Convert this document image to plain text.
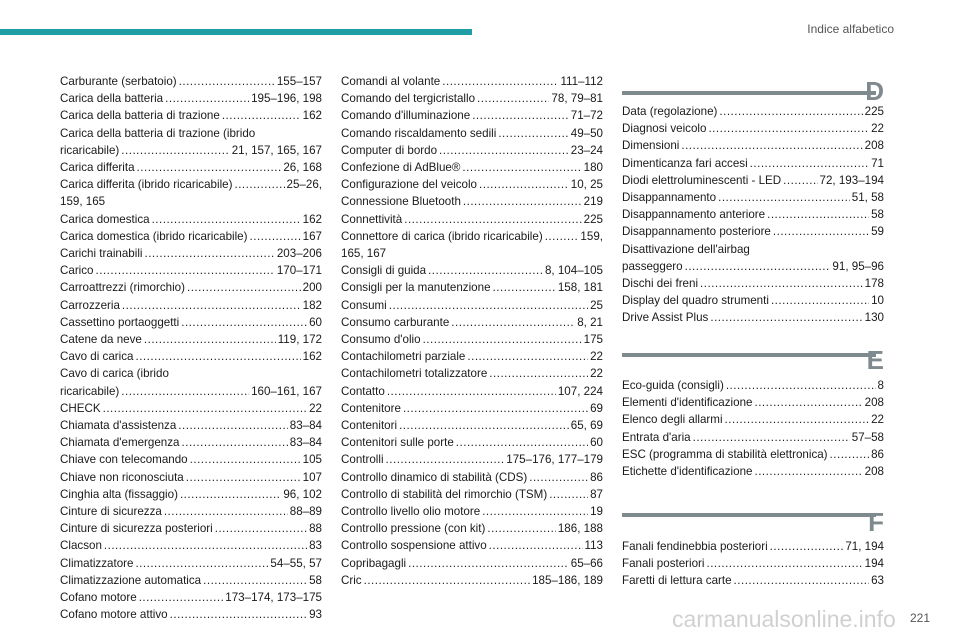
Indice alfabetico
Carburante (serbatoio) .....	155–157
Carica della batteria .....	195–196, 198
Carica della batteria di trazione .....	162
Carica della batteria di trazione (ibrido
ricaricabile) .....	21, 157, 165, 167
Carica differita .....	26, 168
Carica differita (ibrido ricaricabile) .....	25–26,
159, 165
Carica domestica .....	162
Carica domestica (ibrido ricaricabile) .....	167
Carichi trainabili .....	203–206
Carico .....	170–171
Carroattrezzi (rimorchio) .....	200
Carrozzeria .....	182
Cassettino portaoggetti .....	60
Catene da neve .....	119, 172
Cavo di carica .....	162
Cavo di carica (ibrido
ricaricabile) .....	160–161, 167
CHECK .....	22
Chiamata d'assistenza .....	83–84
Chiamata d'emergenza .....	83–84
Chiave con telecomando .....	105
Chiave non riconosciuta .....	107
Cinghia alta (fissaggio) .....	96, 102
Cinture di sicurezza .....	88–89
Cinture di sicurezza posteriori .....	88
Clacson .....	83
Climatizzatore .....	54–55, 57
Climatizzazione automatica .....	58
Cofano motore .....	173–174, 173–175
Cofano motore attivo .....	93
Comandi al volante .....	111–112
Comando del tergicristallo .....	78, 79–81
Comando d'illuminazione .....	71–72
Comando riscaldamento sedili .....	49–50
Computer di bordo .....	23–24
Confezione di AdBlue® .....	180
Configurazione del veicolo .....	10, 25
Connessione Bluetooth .....	219
Connettività .....	225
Connettore di carica (ibrido ricaricabile) .....	159,
165, 167
Consigli di guida .....	8, 104–105
Consigli per la manutenzione .....	158, 181
Consumi .....	25
Consumo carburante .....	8, 21
Consumo d'olio .....	175
Contachilometri parziale .....	22
Contachilometri totalizzatore .....	22
Contatto .....	107, 224
Contenitore .....	69
Contenitori .....	65, 69
Contenitori sulle porte .....	60
Controlli .....	175–176, 177–179
Controllo dinamico di stabilità (CDS) .....	86
Controllo di stabilità del rimorchio (TSM) .....	87
Controllo livello olio motore .....	19
Controllo pressione (con kit) .....	186, 188
Controllo sospensione attivo .....	113
Copribagagli .....	65–66
Cric .....	185–186, 189
D
Data (regolazione) .....	225
Diagnosi veicolo .....	22
Dimensioni .....	208
Dimenticanza fari accesi .....	71
Diodi elettroluminescenti - LED .....	72, 193–194
Disappannamento .....	51, 58
Disappannamento anteriore .....	58
Disappannamento posteriore .....	59
Disattivazione dell'airbag
passeggero .....	91, 95–96
Dischi dei freni .....	178
Display del quadro strumenti .....	10
Drive Assist Plus .....	130
E
Eco-guida (consigli) .....	8
Elementi d'identificazione .....	208
Elenco degli allarmi .....	22
Entrata d'aria .....	57–58
ESC (programma di stabilità elettronica) .....	86
Etichette d'identificazione .....	208
F
Fanali fendinebbia posteriori .....	71, 194
Fanali posteriori .....	194
Faretti di lettura carte .....	63
carmanualsonline.info 221
